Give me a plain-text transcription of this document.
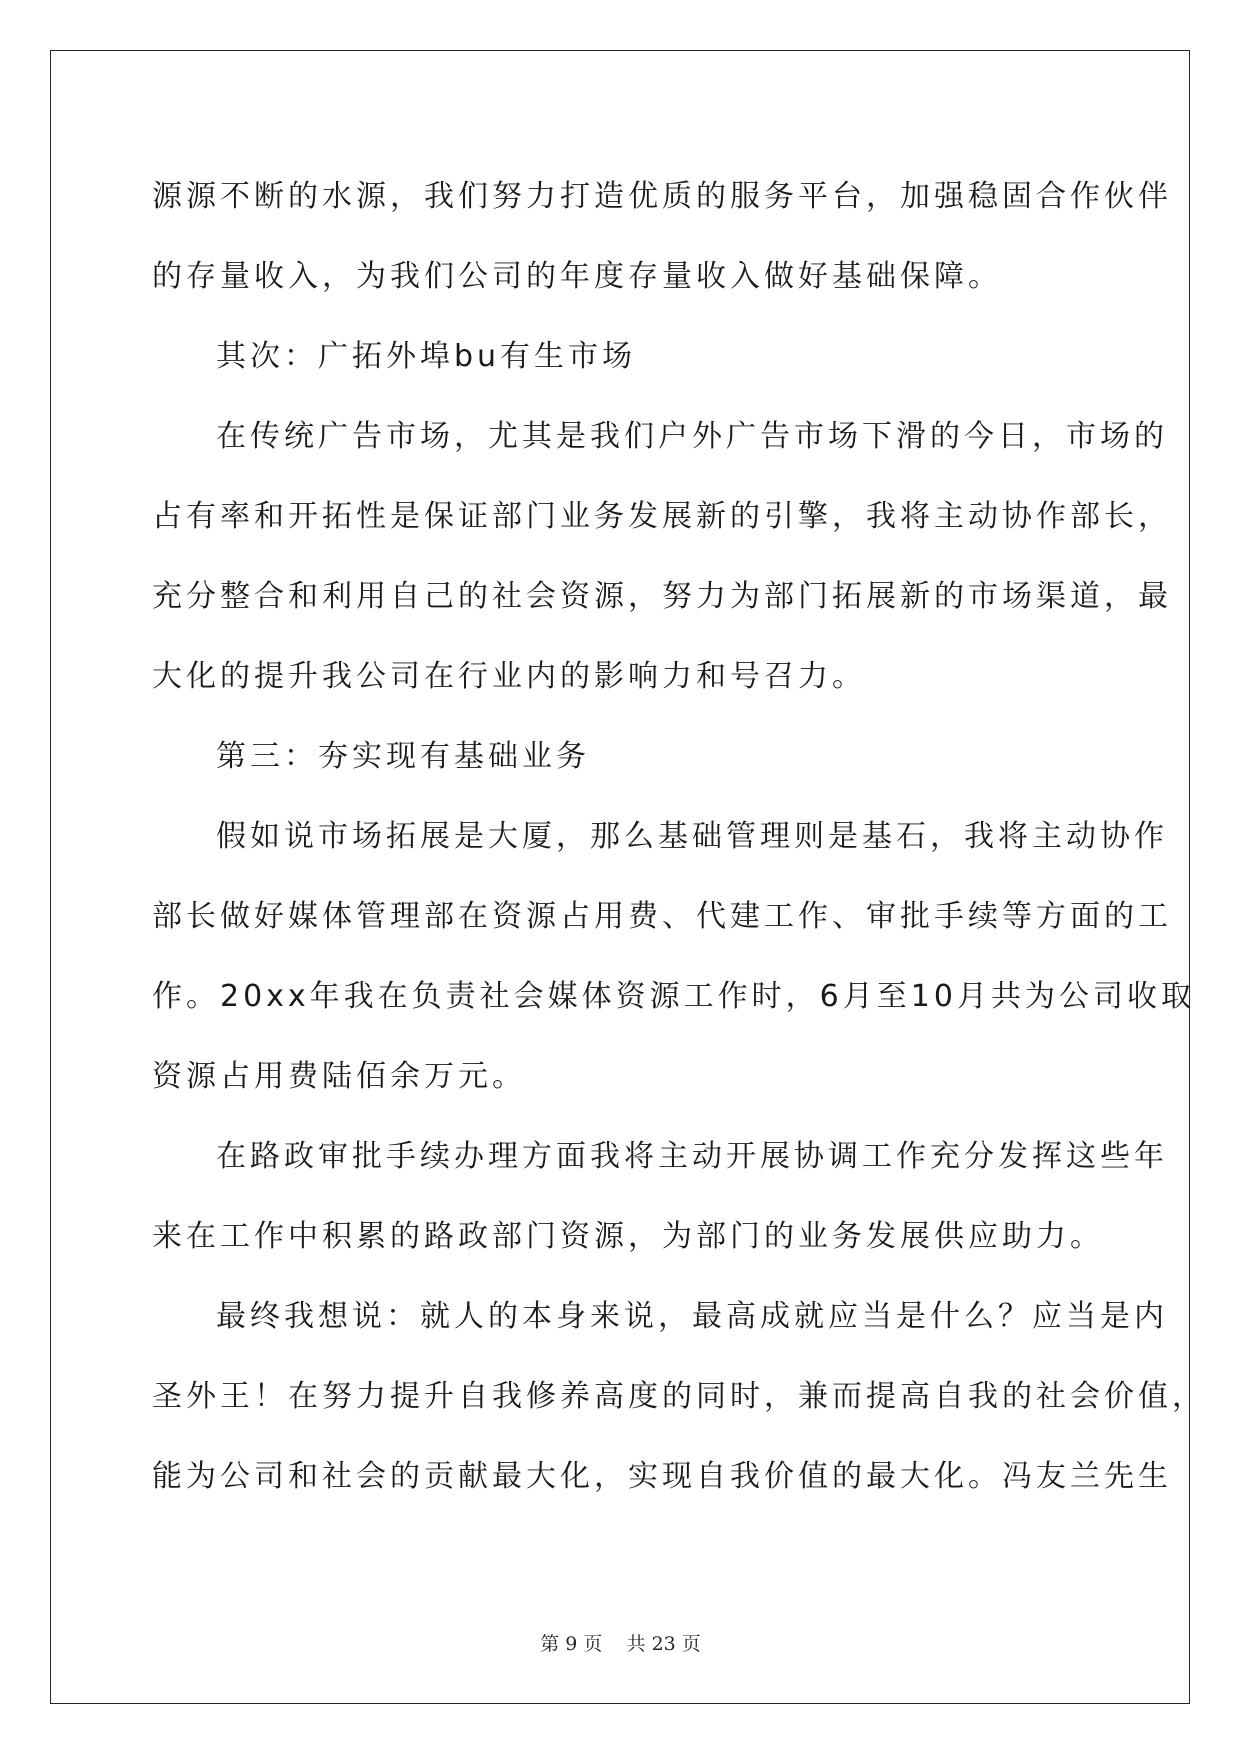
源源不断的水源，我们努力打造优质的服务平台，加强稳固合作伙伴
的存量收入，为我们公司的年度存量收入做好基础保障。
其次：广拓外埠bu有生市场
在传统广告市场，尤其是我们户外广告市场下滑的今日，市场的
占有率和开拓性是保证部门业务发展新的引擎，我将主动协作部长，
充分整合和利用自己的社会资源，努力为部门拓展新的市场渠道，最
大化的提升我公司在行业内的影响力和号召力。
第三：夯实现有基础业务
假如说市场拓展是大厦，那么基础管理则是基石，我将主动协作
部长做好媒体管理部在资源占用费、代建工作、审批手续等方面的工
作。20xx年我在负责社会媒体资源工作时，6月至10月共为公司收取
资源占用费陆佰余万元。
在路政审批手续办理方面我将主动开展协调工作充分发挥这些年
来在工作中积累的路政部门资源，为部门的业务发展供应助力。
最终我想说：就人的本身来说，最高成就应当是什么？应当是内
圣外王！在努力提升自我修养高度的同时，兼而提高自我的社会价值，
能为公司和社会的贡献最大化，实现自我价值的最大化。冯友兰先生
第 9 页    共 23 页
